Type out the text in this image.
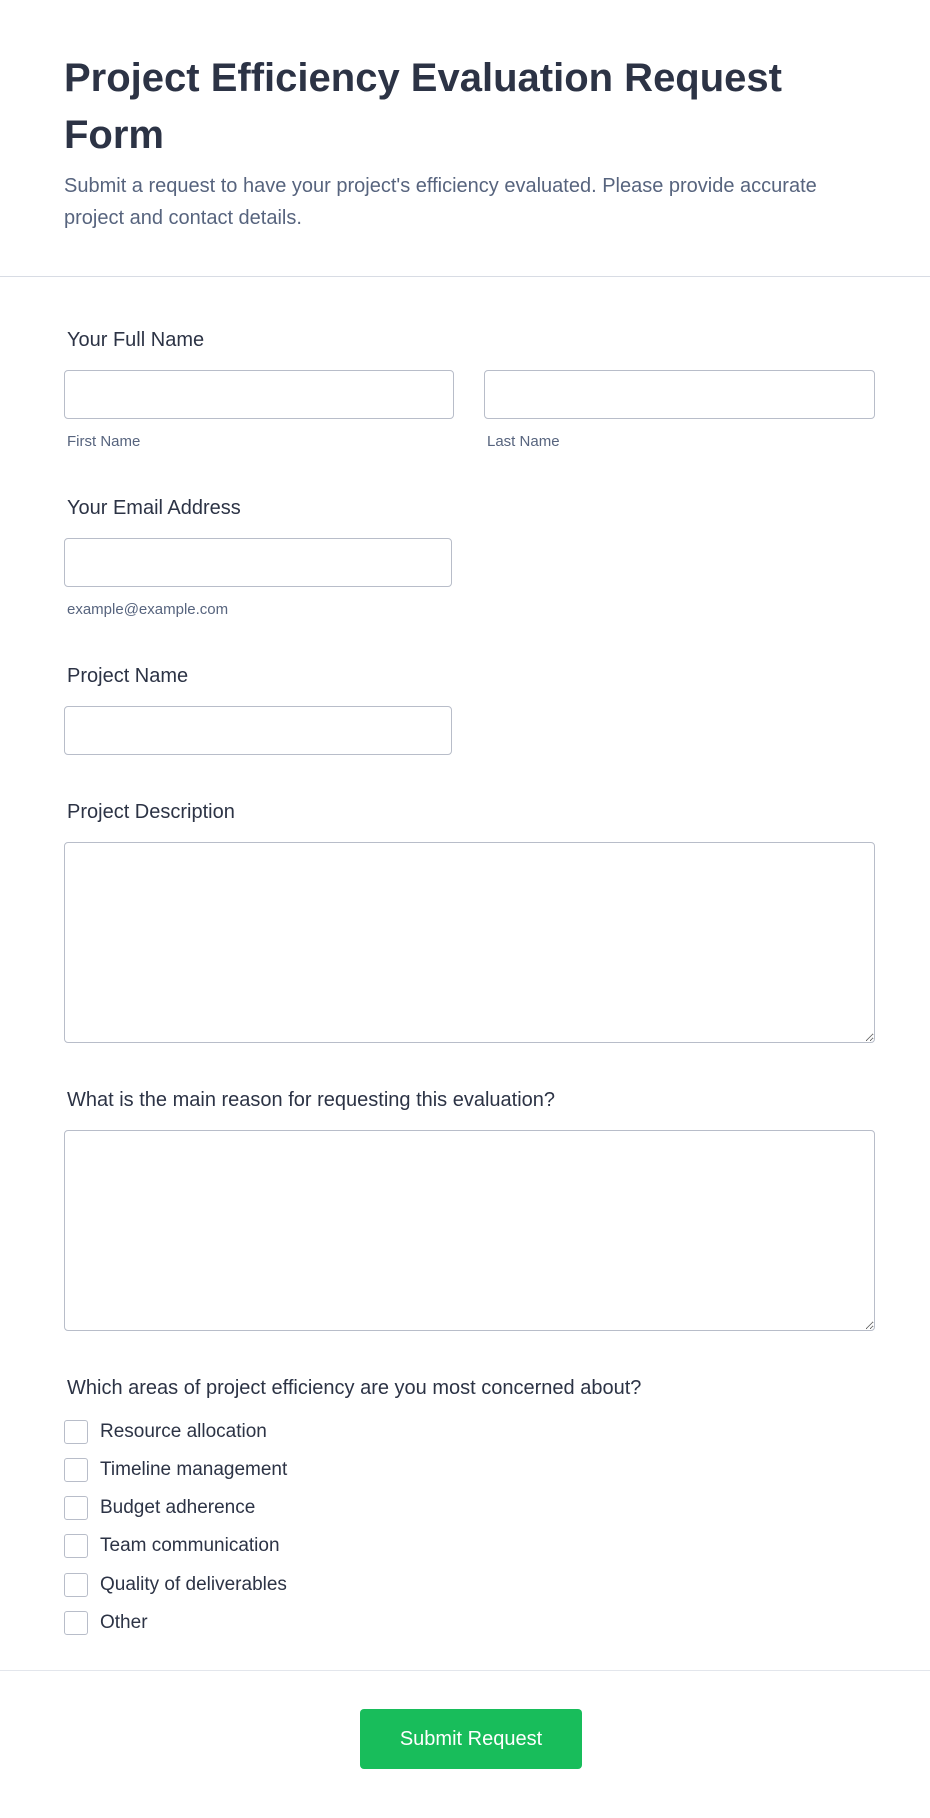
Project Efficiency Evaluation Request Form

Submit a request to have your project's efficiency evaluated. Please provide accurate project and contact details.

Your Full Name
First Name	Last Name
Your Email Address
example@example.com
Project Name
Project Description
What is the main reason for requesting this evaluation?
Which areas of project efficiency are you most concerned about?
Resource allocation
Timeline management
Budget adherence
Team communication
Quality of deliverables
Other
Submit Request
